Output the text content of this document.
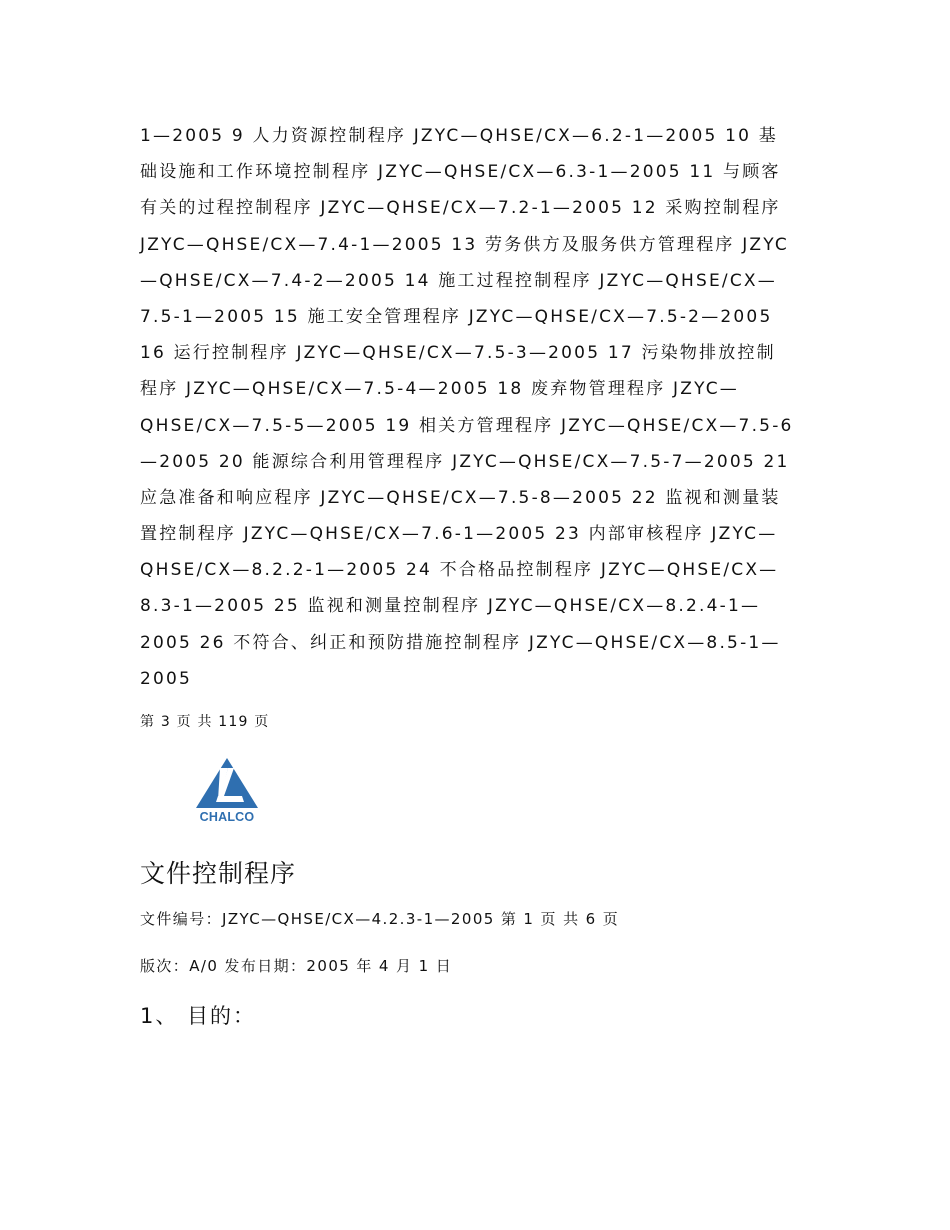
1—2005 9 人力资源控制程序 JZYC—QHSE/CX—6.2-1—2005 10 基
础设施和工作环境控制程序 JZYC—QHSE/CX—6.3-1—2005 11 与顾客
有关的过程控制程序 JZYC—QHSE/CX—7.2-1—2005 12 采购控制程序
JZYC—QHSE/CX—7.4-1—2005 13 劳务供方及服务供方管理程序 JZYC
—QHSE/CX—7.4-2—2005 14 施工过程控制程序 JZYC—QHSE/CX—
7.5-1—2005 15 施工安全管理程序 JZYC—QHSE/CX—7.5-2—2005
16 运行控制程序 JZYC—QHSE/CX—7.5-3—2005 17 污染物排放控制
程序 JZYC—QHSE/CX—7.5-4—2005 18 废弃物管理程序 JZYC—
QHSE/CX—7.5-5—2005 19 相关方管理程序 JZYC—QHSE/CX—7.5-6
—2005 20 能源综合利用管理程序 JZYC—QHSE/CX—7.5-7—2005 21
应急准备和响应程序 JZYC—QHSE/CX—7.5-8—2005 22 监视和测量装
置控制程序 JZYC—QHSE/CX—7.6-1—2005 23 内部审核程序 JZYC—
QHSE/CX—8.2.2-1—2005 24 不合格品控制程序 JZYC—QHSE/CX—
8.3-1—2005 25 监视和测量控制程序 JZYC—QHSE/CX—8.2.4-1—
2005 26 不符合、纠正和预防措施控制程序 JZYC—QHSE/CX—8.5-1—
2005
第 3 页 共 119 页
CHALCO
文件控制程序
文件编号：JZYC—QHSE/CX—4.2.3-1—2005 第 1 页 共 6 页
版次：A/0 发布日期：2005 年 4 月 1 日
1、 目的：
